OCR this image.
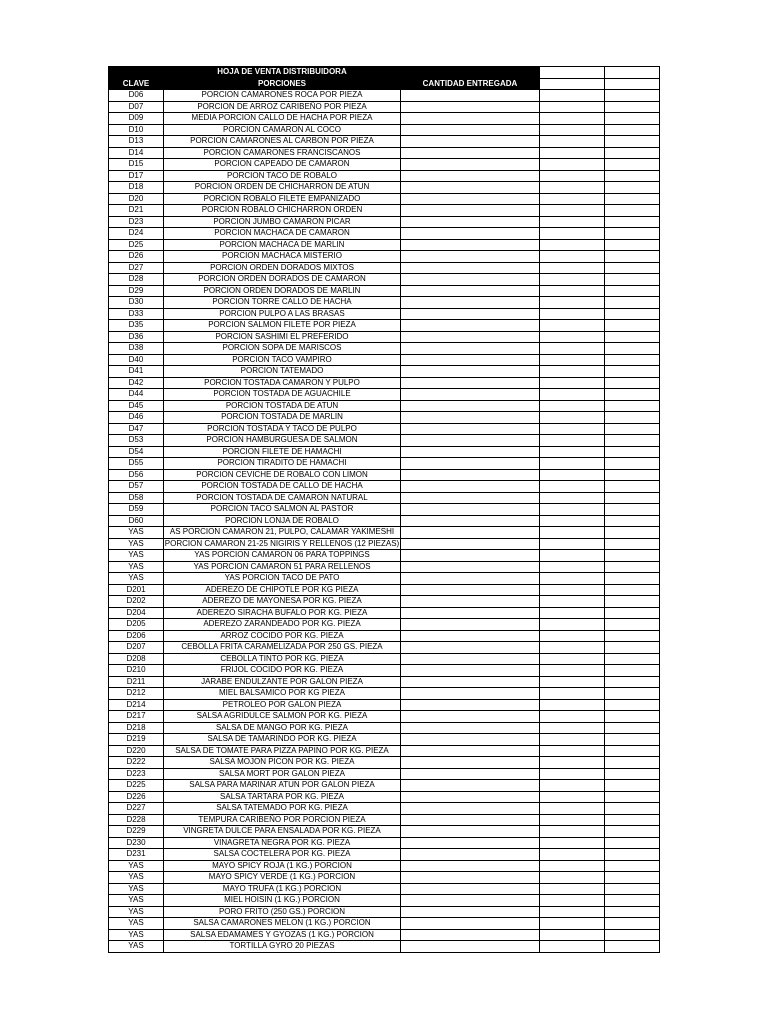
	HOJA DE VENTA DISTRIBUIDORA			
CLAVE	PORCIONES	CANTIDAD ENTREGADA		
D06	PORCION CAMARONES ROCA POR PIEZA			
D07	PORCION DE ARROZ CARIBEÑO POR PIEZA			
D09	MEDIA PORCION CALLO DE HACHA POR PIEZA			
D10	PORCION CAMARON AL COCO			
D13	PORCION CAMARONES AL CARBON POR PIEZA			
D14	PORCION CAMARONES FRANCISCANOS			
D15	PORCION CAPEADO DE CAMARON			
D17	PORCION TACO DE ROBALO			
D18	PORCION ORDEN DE CHICHARRON DE ATUN			
D20	PORCION ROBALO FILETE EMPANIZADO			
D21	PORCION ROBALO CHICHARRON ORDEN			
D23	PORCION JUMBO CAMARON PICAR			
D24	PORCION MACHACA DE CAMARON			
D25	PORCION MACHACA DE MARLIN			
D26	PORCION MACHACA MISTERIO			
D27	PORCION ORDEN DORADOS MIXTOS			
D28	PORCION ORDEN DORADOS DE CAMARON			
D29	PORCION ORDEN DORADOS DE MARLIN			
D30	PORCION TORRE CALLO DE HACHA			
D33	PORCION PULPO A LAS BRASAS			
D35	PORCION SALMON FILETE POR PIEZA			
D36	PORCION SASHIMI EL PREFERIDO			
D38	PORCION SOPA DE MARISCOS			
D40	PORCION TACO VAMPIRO			
D41	PORCION TATEMADO			
D42	PORCION TOSTADA CAMARON Y PULPO			
D44	PORCION TOSTADA DE AGUACHILE			
D45	PORCION TOSTADA DE ATUN			
D46	PORCION TOSTADA DE MARLIN			
D47	PORCION TOSTADA Y TACO DE PULPO			
D53	PORCION HAMBURGUESA DE SALMON			
D54	PORCION FILETE DE HAMACHI			
D55	PORCION TIRADITO DE HAMACHI			
D56	PORCION CEVICHE DE ROBALO CON LIMON			
D57	PORCION TOSTADA DE CALLO DE HACHA			
D58	PORCION TOSTADA DE CAMARON NATURAL			
D59	PORCION TACO SALMON AL PASTOR			
D60	PORCION LONJA DE ROBALO			
YAS	AS PORCION CAMARON 21, PULPO, CALAMAR YAKIMESHI			
YAS	PORCION CAMARON 21-25 NIGIRIS Y RELLENOS (12 PIEZAS)			
YAS	YAS PORCION CAMARON 06 PARA TOPPINGS			
YAS	YAS PORCION CAMARON 51 PARA RELLENOS			
YAS	YAS PORCION TACO DE PATO			
D201	ADEREZO DE CHIPOTLE POR KG PIEZA			
D202	ADEREZO DE MAYONESA POR KG. PIEZA			
D204	ADEREZO SIRACHA BUFALO POR KG. PIEZA			
D205	ADEREZO ZARANDEADO POR KG. PIEZA			
D206	ARROZ COCIDO POR KG. PIEZA			
D207	CEBOLLA FRITA CARAMELIZADA POR 250 GS. PIEZA			
D208	CEBOLLA TINTO POR KG. PIEZA			
D210	FRIJOL COCIDO POR KG. PIEZA			
D211	JARABE ENDULZANTE POR GALON PIEZA			
D212	MIEL BALSAMICO POR KG PIEZA			
D214	PETROLEO POR GALON PIEZA			
D217	SALSA AGRIDULCE SALMON POR KG. PIEZA			
D218	SALSA DE MANGO POR KG. PIEZA			
D219	SALSA DE TAMARINDO POR KG. PIEZA			
D220	SALSA DE TOMATE PARA PIZZA PAPINO POR KG. PIEZA			
D222	SALSA MOJON PICON POR KG. PIEZA			
D223	SALSA MORT POR GALON PIEZA			
D225	SALSA PARA MARINAR ATUN POR GALON PIEZA			
D226	SALSA TARTARA POR KG. PIEZA			
D227	SALSA TATEMADO POR KG. PIEZA			
D228	TEMPURA CARIBEÑO POR PORCION PIEZA			
D229	VINGRETA DULCE PARA ENSALADA POR KG. PIEZA			
D230	VINAGRETA NEGRA POR KG. PIEZA			
D231	SALSA COCTELERA POR KG. PIEZA			
YAS	MAYO SPICY ROJA (1 KG.) PORCION			
YAS	MAYO SPICY VERDE (1 KG.) PORCION			
YAS	MAYO TRUFA (1 KG.) PORCION			
YAS	MIEL HOISIN (1 KG.) PORCION			
YAS	PORO FRITO (250 GS.) PORCION			
YAS	SALSA CAMARONES MELON (1 KG.) PORCION			
YAS	SALSA EDAMAMES Y GYOZAS (1 KG.) PORCION			
YAS	TORTILLA GYRO 20 PIEZAS			
